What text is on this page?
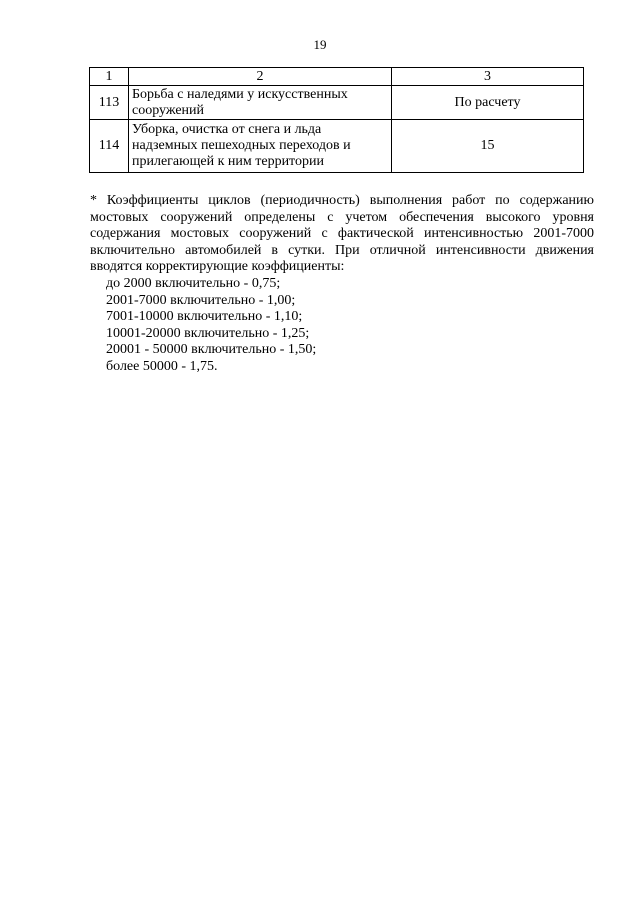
19
1	2	3
113	Борьба с наледями у искусственных сооружений	По расчету
114	Уборка, очистка от снега и льда надземных пешеходных переходов и прилегающей к ним территории	15

* Коэффициенты циклов (периодичность) выполнения работ по содержанию мостовых сооружений определены с учетом обеспечения высокого уровня содержания мостовых сооружений с фактической интенсивностью 2001-7000 включительно автомобилей в сутки. При отличной интенсивности движения вводятся корректирующие коэффициенты:

до 2000 включительно - 0,75;
2001-7000 включительно - 1,00;
7001-10000 включительно - 1,10;
10001-20000 включительно - 1,25;
20001 - 50000 включительно - 1,50;
более 50000 - 1,75.
